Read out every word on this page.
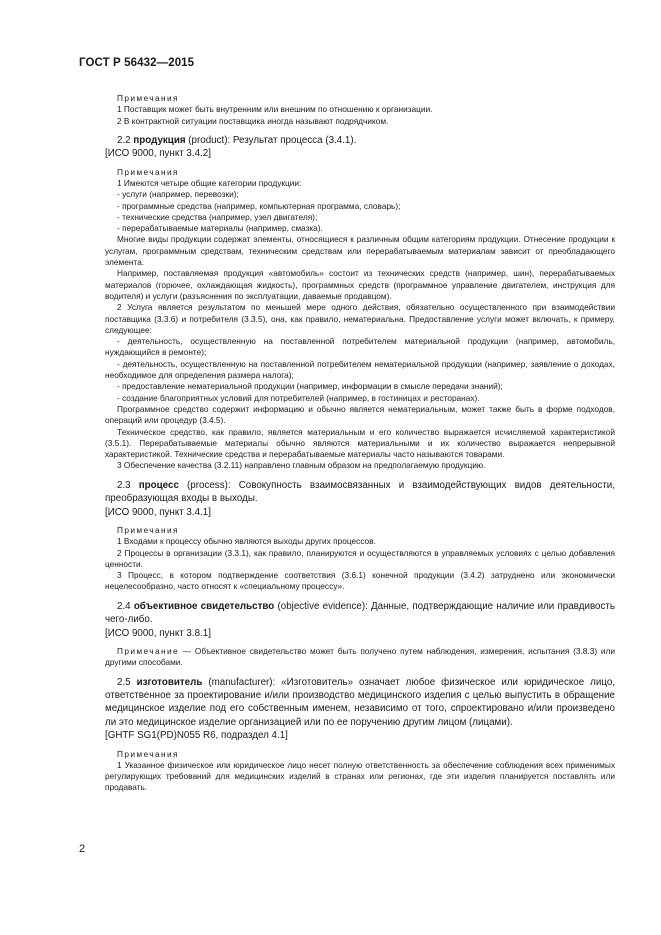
ГОСТ Р 56432—2015

Примечания

1 Поставщик может быть внутренним или внешним по отношению к организации.

2 В контрактной ситуации поставщика иногда называют подрядчиком.

2.2 продукция (product): Результат процесса (3.4.1).

[ИСО 9000, пункт 3.4.2]

Примечания

1 Имеются четыре общие категории продукции:

- услуги (например, перевозки);

- программные средства (например, компьютерная программа, словарь);

- технические средства (например, узел двигателя);

- перерабатываемые материалы (например, смазка).

Многие виды продукции содержат элементы, относящиеся к различным общим категориям продукции. Отнесение продукции к услугам, программным средствам, техническим средствам или перерабатываемым материалам зависит от преобладающего элемента.

Например, поставляемая продукция «автомобиль» состоит из технических средств (например, шин), перерабатываемых материалов (горючее, охлаждающая жидкость), программных средств (программное управление двигателем, инструкция для водителя) и услуги (разъяснения по эксплуатации, даваемые продавцом).

2 Услуга является результатом по меньшей мере одного действия, обязательно осуществленного при взаимодействии поставщика (3.3.6) и потребителя (3.3.5), она, как правило, нематериальна. Предоставление услуги может включать, к примеру, следующее:

- деятельность, осуществленную на поставленной потребителем материальной продукции (например, автомобиль, нуждающийся в ремонте);

- деятельность, осуществленную на поставленной потребителем нематериальной продукции (например, заявление о доходах, необходимое для определения размера налога);

- предоставление нематериальной продукции (например, информации в смысле передачи знаний);

- создание благоприятных условий для потребителей (например, в гостиницах и ресторанах).

Программное средство содержит информацию и обычно является нематериальным, может также быть в форме подходов, операций или процедур (3.4.5).

Техническое средство, как правило, является материальным и его количество выражается исчисляемой характеристикой (3.5.1). Перерабатываемые материалы обычно являются материальными и их количество выражается непрерывной характеристикой. Технические средства и перерабатываемые материалы часто называются товарами.

3 Обеспечение качества (3.2.11) направлено главным образом на предполагаемую продукцию.

2.3 процесс (process): Совокупность взаимосвязанных и взаимодействующих видов деятельности, преобразующая входы в выходы.

[ИСО 9000, пункт 3.4.1]

Примечания

1 Входами к процессу обычно являются выходы других процессов.

2 Процессы в организации (3.3.1), как правило, планируются и осуществляются в управляемых условиях с целью добавления ценности.

3 Процесс, в котором подтверждение соответствия (3.6.1) конечной продукции (3.4.2) затруднено или экономически нецелесообразно, часто относят к «специальному процессу».

2.4 объективное свидетельство (objective evidence): Данные, подтверждающие наличие или правдивость чего-либо.

[ИСО 9000, пункт 3.8.1]

Примечание — Объективное свидетельство может быть получено путем наблюдения, измерения, испытания (3.8.3) или другими способами.

2.5 изготовитель (manufacturer): «Изготовитель» означает любое физическое или юридическое лицо, ответственное за проектирование и/или производство медицинского изделия с целью выпустить в обращение медицинское изделие под его собственным именем, независимо от того, спроектировано и/или произведено ли это медицинское изделие организацией или по ее поручению другим лицом (лицами).

[GHTF SG1(PD)N055 R6, подраздел 4.1]

Примечания

1 Указанное физическое или юридическое лицо несет полную ответственность за обеспечение соблюдения всех применимых регулирующих требований для медицинских изделий в странах или регионах, где эти изделия планируется поставлять или продавать.

2
